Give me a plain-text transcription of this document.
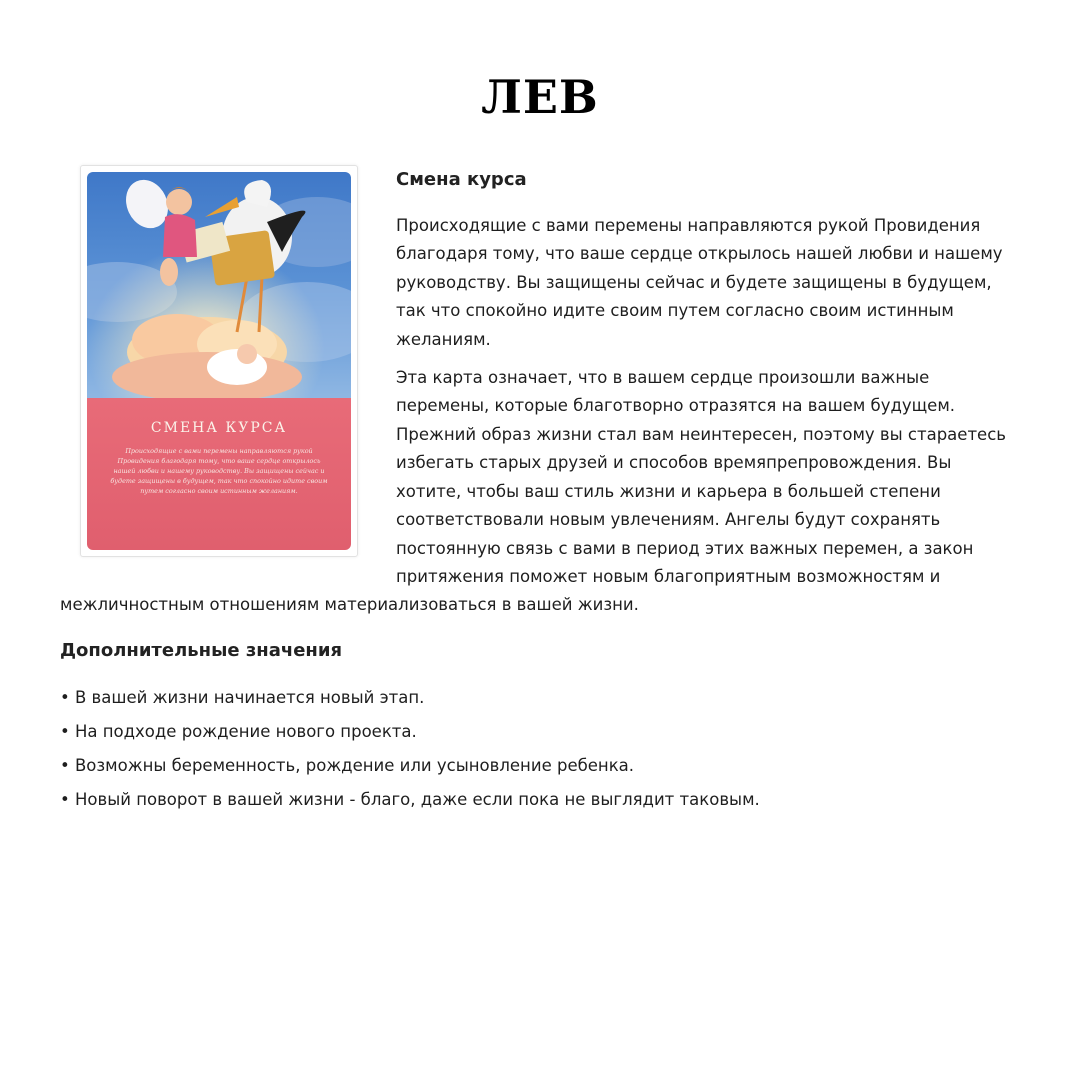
ЛЕВ
СМЕНА КУРСА
Происходящие с вами перемены направляются рукой Провидения благодаря тому, что ваше сердце открылось нашей любви и нашему руководству. Вы защищены сейчас и будете защищены в будущем, так что спокойно идите своим путем согласно своим истинным желаниям.
Смена курса
Происходящие с вами перемены направляются рукой Провидения
благодаря тому, что ваше сердце открылось нашей любви и нашему
руководству. Вы защищены сейчас и будете защищены в будущем,
так что спокойно идите своим путем согласно своим истинным
желаниям.
Эта карта означает, что в вашем сердце произошли важные
перемены, которые благотворно отразятся на вашем будущем.
Прежний образ жизни стал вам неинтересен, поэтому вы стараетесь
избегать старых друзей и способов времяпрепровождения. Вы
хотите, чтобы ваш стиль жизни и карьера в большей степени
соответствовали новым увлечениям. Ангелы будут сохранять
постоянную связь с вами в период этих важных перемен, а закон
притяжения поможет новым благоприятным возможностям и
межличностным отношениям материализоваться в вашей жизни.
Дополнительные значения
• В вашей жизни начинается новый этап.
• На подходе рождение нового проекта.
• Возможны беременность, рождение или усыновление ребенка.
• Новый поворот в вашей жизни - благо, даже если пока не выглядит таковым.
